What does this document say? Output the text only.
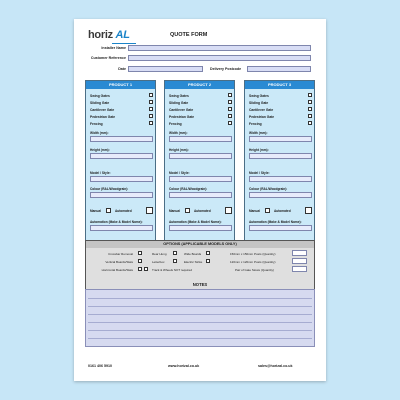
horiz AL	QUOTE FORM
Installer Name
Customer Reference
Date	Delivery Postcode
PRODUCT 1
Swing Gates
Sliding Gate
Cantilever Gate
Pedestrian Gate
Fencing
Width (mm):
Height (mm):
Model / Style:
Colour (RAL/Woodgrain):
Manual	Automated
Automation (Make & Model Name):
PRODUCT 2
Swing Gates
Sliding Gate
Cantilever Gate
Pedestrian Gate
Fencing
Width (mm):
Height (mm):
Model / Style:
Colour (RAL/Woodgrain):
Manual	Automated
Automation (Make & Model Name):
PRODUCT 3
Swing Gates
Sliding Gate
Cantilever Gate
Pedestrian Gate
Fencing
Width (mm):
Height (mm):
Model / Style:
Colour (RAL/Woodgrain):
Manual	Automated
Automation (Make & Model Name):
OPTIONS (APPLICABLE MODELS ONLY)
Crossbar Removal
Vertical Boards/Slats
Horizontal Boards/Slats
Rear Hung
Letterbox
Track & Wheels NOT required
Wide Boards
Electric Strike
150mm x 150mm Posts (Quantity)
120mm x 120mm Posts (Quantity)
Pair of Gate Stows (Quantity)
NOTES
0161 406 5910	www.horizal.co.uk	sales@horizal.co.uk
